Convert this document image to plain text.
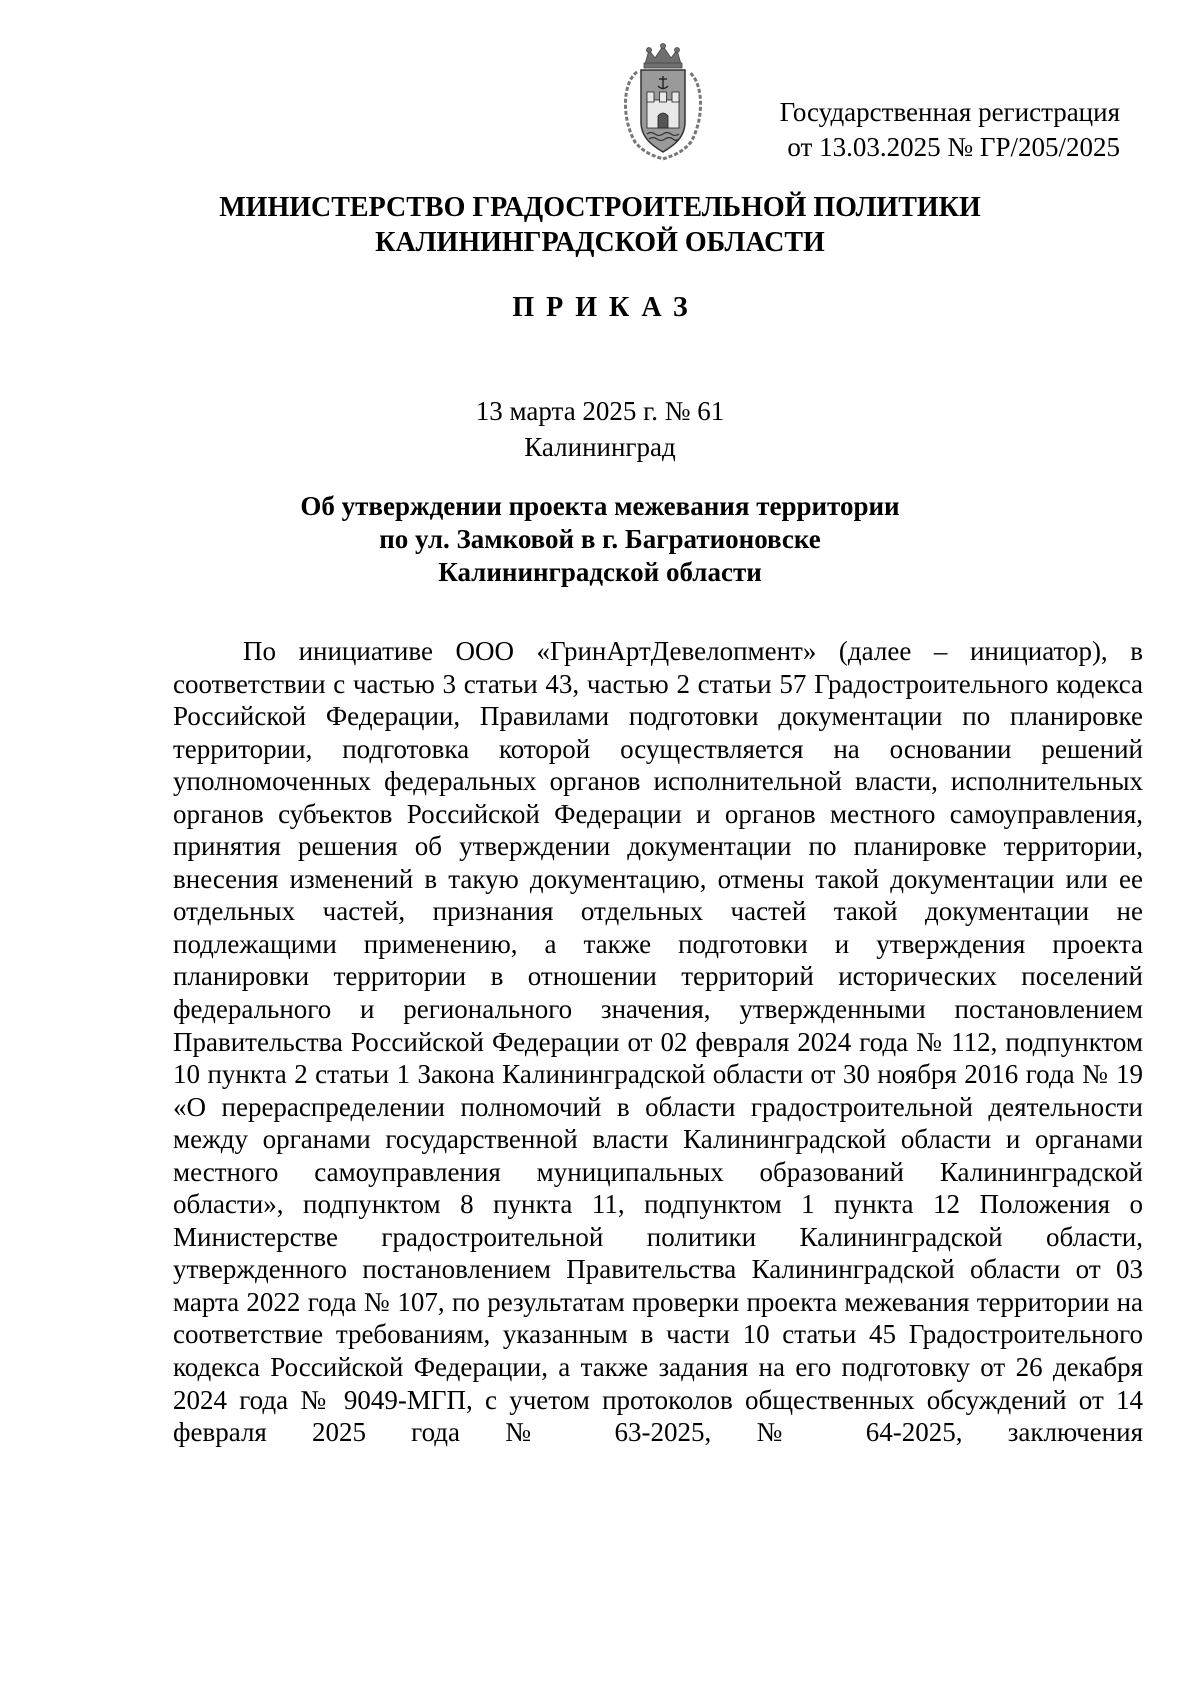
Государственная регистрация
от 13.03.2025 № ГР/205/2025
МИНИСТЕРСТВО ГРАДОСТРОИТЕЛЬНОЙ ПОЛИТИКИ
КАЛИНИНГРАДСКОЙ ОБЛАСТИ
ПРИКАЗ
13 марта 2025 г. № 61
Калининград
Об утверждении проекта межевания территории
по ул. Замковой в г. Багратионовске
Калининградской области

По инициативе ООО «ГринАртДевелопмент» (далее – инициатор), в соответствии с частью 3 статьи 43, частью 2 статьи 57 Градостроительного кодекса Российской Федерации, Правилами подготовки документации по планировке территории, подготовка которой осуществляется на основании решений уполномоченных федеральных органов исполнительной власти, исполнительных органов субъектов Российской Федерации и органов местного самоуправления, принятия решения об утверждении документации по планировке территории, внесения изменений в такую документацию, отмены такой документации или ее отдельных частей, признания отдельных частей такой документации не подлежащими применению, а также подготовки и утверждения проекта планировки территории в отношении территорий исторических поселений федерального и регионального значения, утвержденными постановлением Правительства Российской Федерации от 02 февраля 2024 года № 112, подпунктом 10 пункта 2 статьи 1 Закона Калининградской области от 30 ноября 2016 года № 19 «О перераспределении полномочий в области градостроительной деятельности между органами государственной власти Калининградской области и органами местного самоуправления муниципальных образований Калининградской области», подпунктом 8 пункта 11, подпунктом 1 пункта 12 Положения о Министерстве градостроительной политики Калининградской области, утвержденного постановлением Правительства Калининградской области от 03 марта 2022 года № 107, по результатам проверки проекта межевания территории на соответствие требованиям, указанным в части 10 статьи 45 Градостроительного кодекса Российской Федерации, а также задания на его подготовку от 26 декабря 2024 года № 9049-МГП, с учетом протоколов общественных обсуждений от 14 февраля 2025 года № 63-2025, № 64-2025, заключения
